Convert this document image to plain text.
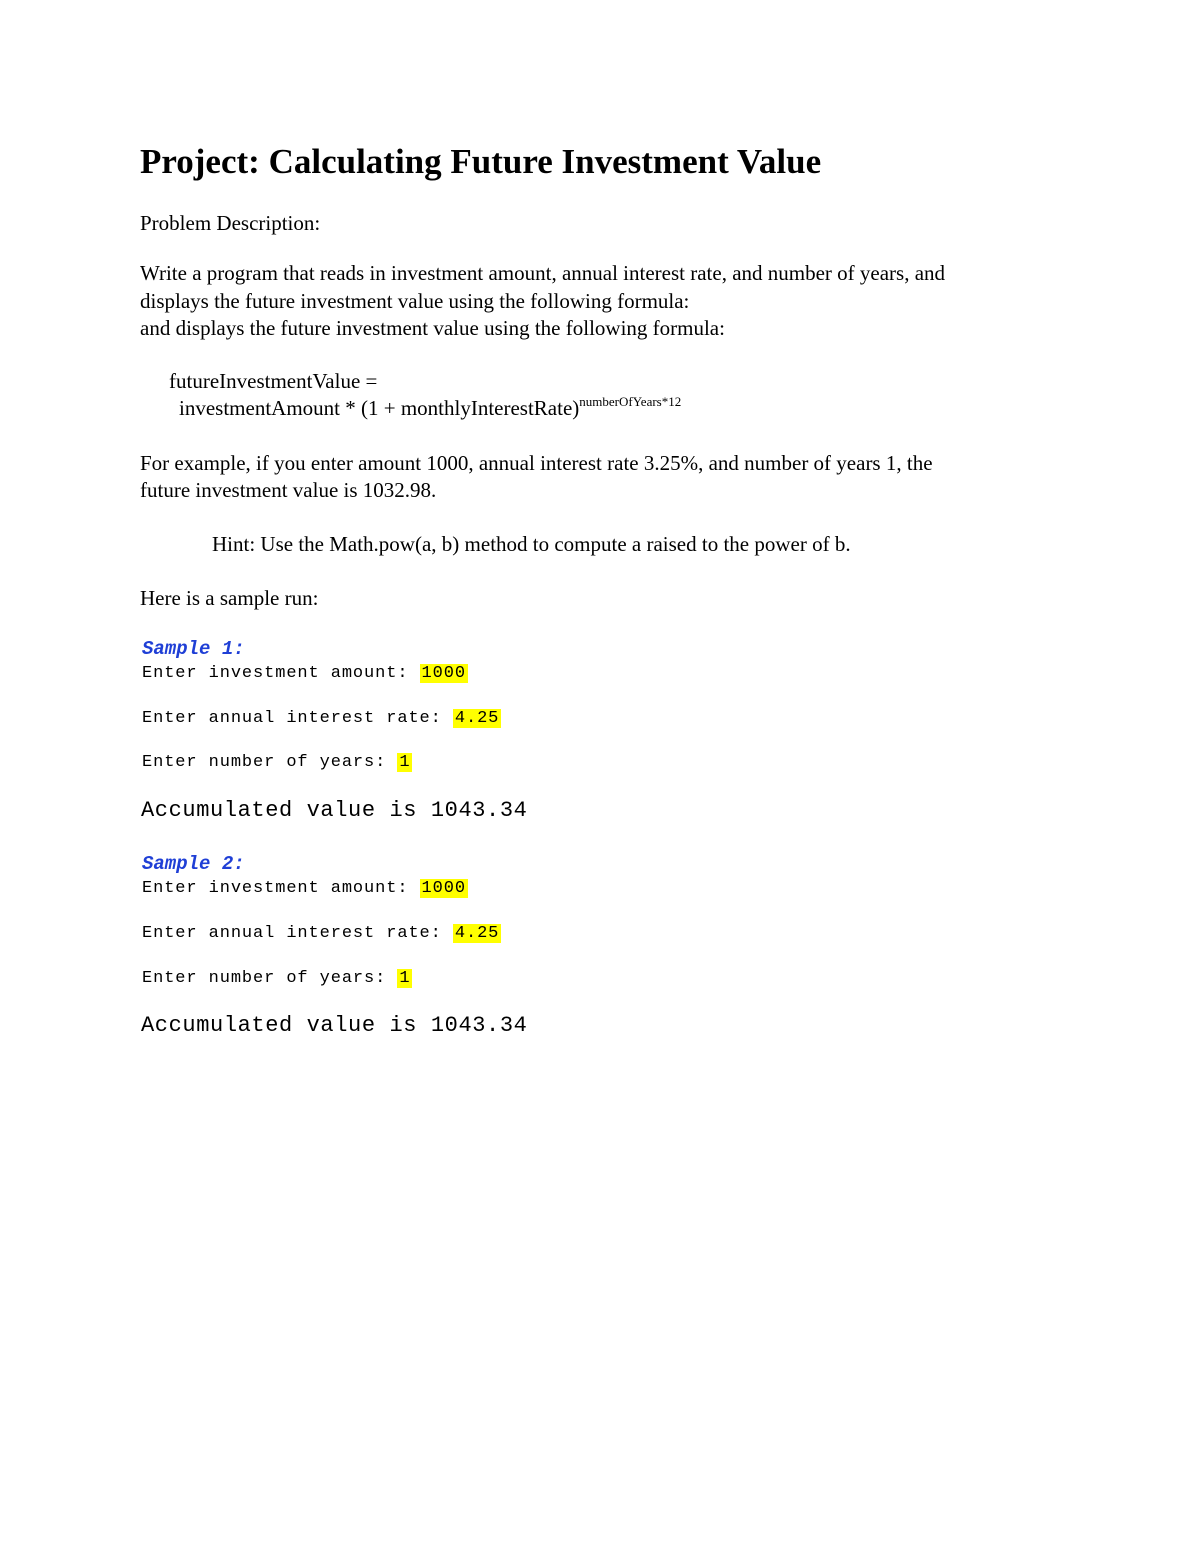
Project: Calculating Future Investment Value
Problem Description:
Write a program that reads in investment amount, annual interest rate, and number of years, and
displays the future investment value using the following formula:
and displays the future investment value using the following formula:
futureInvestmentValue =
investmentAmount * (1 + monthlyInterestRate)$^{numberOfYears*12}$
For example, if you enter amount 1000, annual interest rate 3.25%, and number of years 1, the
future investment value is 1032.98.
Hint: Use the Math.pow(a, b) method to compute a raised to the power of b.
Here is a sample run:
Sample 1:
Enter investment amount: 1000
Enter annual interest rate: 4.25
Enter number of years: 1
Accumulated value is 1043.34
Sample 2:
Enter investment amount: 1000
Enter annual interest rate: 4.25
Enter number of years: 1
Accumulated value is 1043.34
